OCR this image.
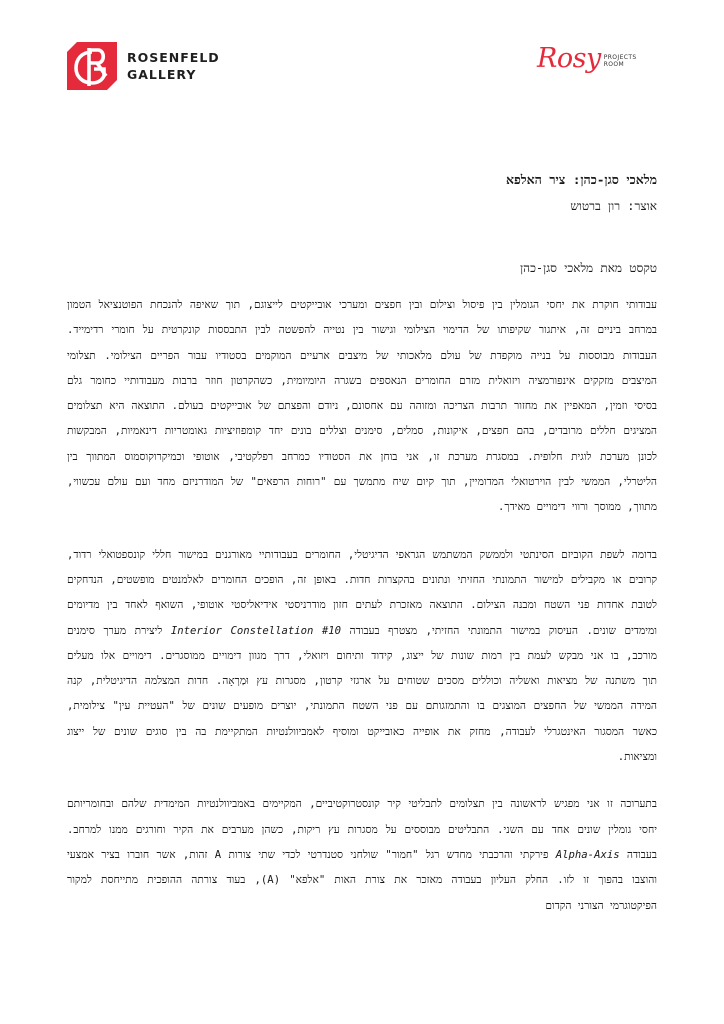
ROSENFELD
GALLERY
Rosy PROJECTS
ROOM
מלאכי סגן-כהן: ציר האלפא
אוצר: רון ברטוש
טקסט מאת מלאכי סגן-כהן

עבודותי חוקרת את יחסי הגומלין בין פיסול וצילום ובין חפצים ומערכי אובייקטים לייצוגם, תוך שאיפה להנכחת הפוטנציאל הטמון במרחב ביניים זה, איתגור שקיפותו של הדימוי הצילומי וגישור בין נטייה להפשטה לבין התבססות קונקרטית על חומרי רדימייד. העבודות מבוססות על בנייה מוקפדת של עולם מלאכותי של מיצבים ארעיים המוקמים בסטודיו עבור הפריים הצילומי. תצלומי המיצבים מזקקים אינפורמציה ויזואלית מזרם החומרים הנאספים בשגרה היומיומית, כשהקרטון חוזר ברבות מעבודותיי כחומר גלם בסיסי וזמין, המאפיין את מחזור תרבות הצריכה ומזוהה עם אחסונם, ניודם והפצתם של אובייקטים בעולם. התוצאה היא תצלומים המציגים חללים מרובדים, בהם חפצים, איקונות, סמלים, סימנים וצללים בונים יחד קומפוזיציות גאומטריות דינאמיות, המבקשות לכונן מערכת לוגית חלופית. במסגרת מערכת זו, אני בוחן את הסטודיו כמרחב רפלקטיבי, אוטופי וכמיקרוקוסמוס המתווך בין הליטרלי, הממשי לבין הוירטואלי המדומיין, תוך קיום שיח מתמשך עם "רוחות הרפאים" של המודרניזם מחד ועם עולם עכשווי, מתווך, ממוסך ורווי דימויים מאידך.

בדומה לשפת הקוביזם הסינתטי ולממשק המשתמש הגראפי הדיגיטלי, החומרים בעבודותיי מאורגנים במישור חללי קונספטואלי רדוד, קרובים או מקבילים למישור התמונתי החזיתי ונתונים בהקצרות חדות. באופן זה, הופכים החומרים לאלמנטים מופשטים, הנדחקים לטובת אחדות פני השטח ומבנה הצילום. התוצאה מאזכרת לעתים חזון מודרניסטי אידיאליסטי אוטופי, השואף לאחד בין מדיומים ומימדים שונים. העיסוק במישור התמונתי החזיתי, מצטרף בעבודה Interior Constellation #10 ליצירת מערך סימנים מורכב, בו אני מבקש לעמת בין רמות שונות של ייצוג, קידוד ותיחום ויזואלי, דרך מגוון דימויים ממוסגרים. דימויים אלו מעלים תוך משתנה של מציאות ואשליה וכוללים מסכים שטוחים על ארגזי קרטון, מסגרות עץ וּמַרְאָה. חדות המצלמה הדיגיטלית, קנה המידה הממשי של החפצים המוצגים בו והתמזגותם עם פני השטח התמונתי, יוצרים מופעים שונים של "העטיית עין" צילומית, כאשר המסגור האינטגרלי לעבודה, מחזק את אופייה כאובייקט ומוסיף לאמביוולנטיות המתקיימת בה בין סוגים שונים של ייצוג ומציאות.

בתערוכה זו אני מפגיש לראשונה בין תצלומים לתבליטי קיר קונסטרוקטיביים, המקיימים באמביוולנטיות המימדית שלהם ובחומריותם יחסי גומלין שונים אחד עם השני. התבליטים מבוססים על מסגרות עץ ריקות, כשהן מערבים את הקיר וחורגים ממנו למרחב. בעבודה Alpha-Axis פירקתי והרכבתי מחדש רגל "חמור" שולחני סטנדרטי לכדי שתי צורות A זהות, אשר חוברו בציר אמצעי והוצבו בהפוך זו לזו. החלק העליון בעבודה מאזכר את צורת האות "אלפא" (A), בעוד צורתה ההופכית מתייחסת למקור הפיקטוגרמי הצורני הקדום
